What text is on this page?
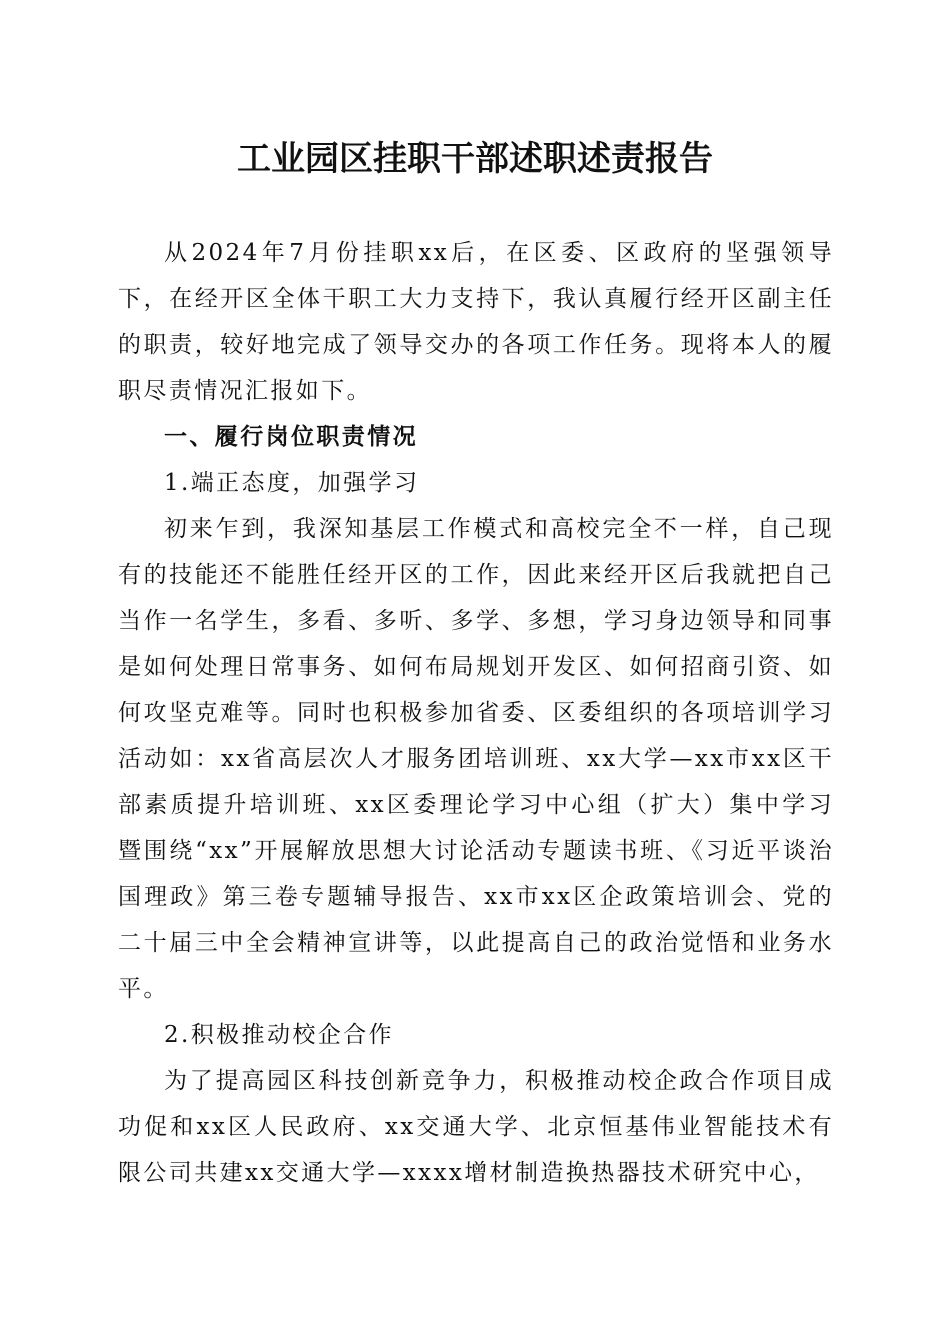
工业园区挂职干部述职述责报告

从2024年7月份挂职xx后，在区委、区政府的坚强领导下，在经开区全体干职工大力支持下，我认真履行经开区副主任的职责，较好地完成了领导交办的各项工作任务。现将本人的履职尽责情况汇报如下。

一、履行岗位职责情况

1.端正态度，加强学习

初来乍到，我深知基层工作模式和高校完全不一样，自己现有的技能还不能胜任经开区的工作，因此来经开区后我就把自己当作一名学生，多看、多听、多学、多想，学习身边领导和同事是如何处理日常事务、如何布局规划开发区、如何招商引资、如何攻坚克难等。同时也积极参加省委、区委组织的各项培训学习活动如：xx省高层次人才服务团培训班、xx大学—xx市xx区干部素质提升培训班、xx区委理论学习中心组（扩大）集中学习暨围绕“xx”开展解放思想大讨论活动专题读书班、《习近平谈治国理政》第三卷专题辅导报告、xx市xx区企政策培训会、党的二十届三中全会精神宣讲等，以此提高自己的政治觉悟和业务水平。

2.积极推动校企合作

为了提高园区科技创新竞争力，积极推动校企政合作项目成功促和xx区人民政府、xx交通大学、北京恒基伟业智能技术有限公司共建xx交通大学—xxxx增材制造换热器技术研究中心，
